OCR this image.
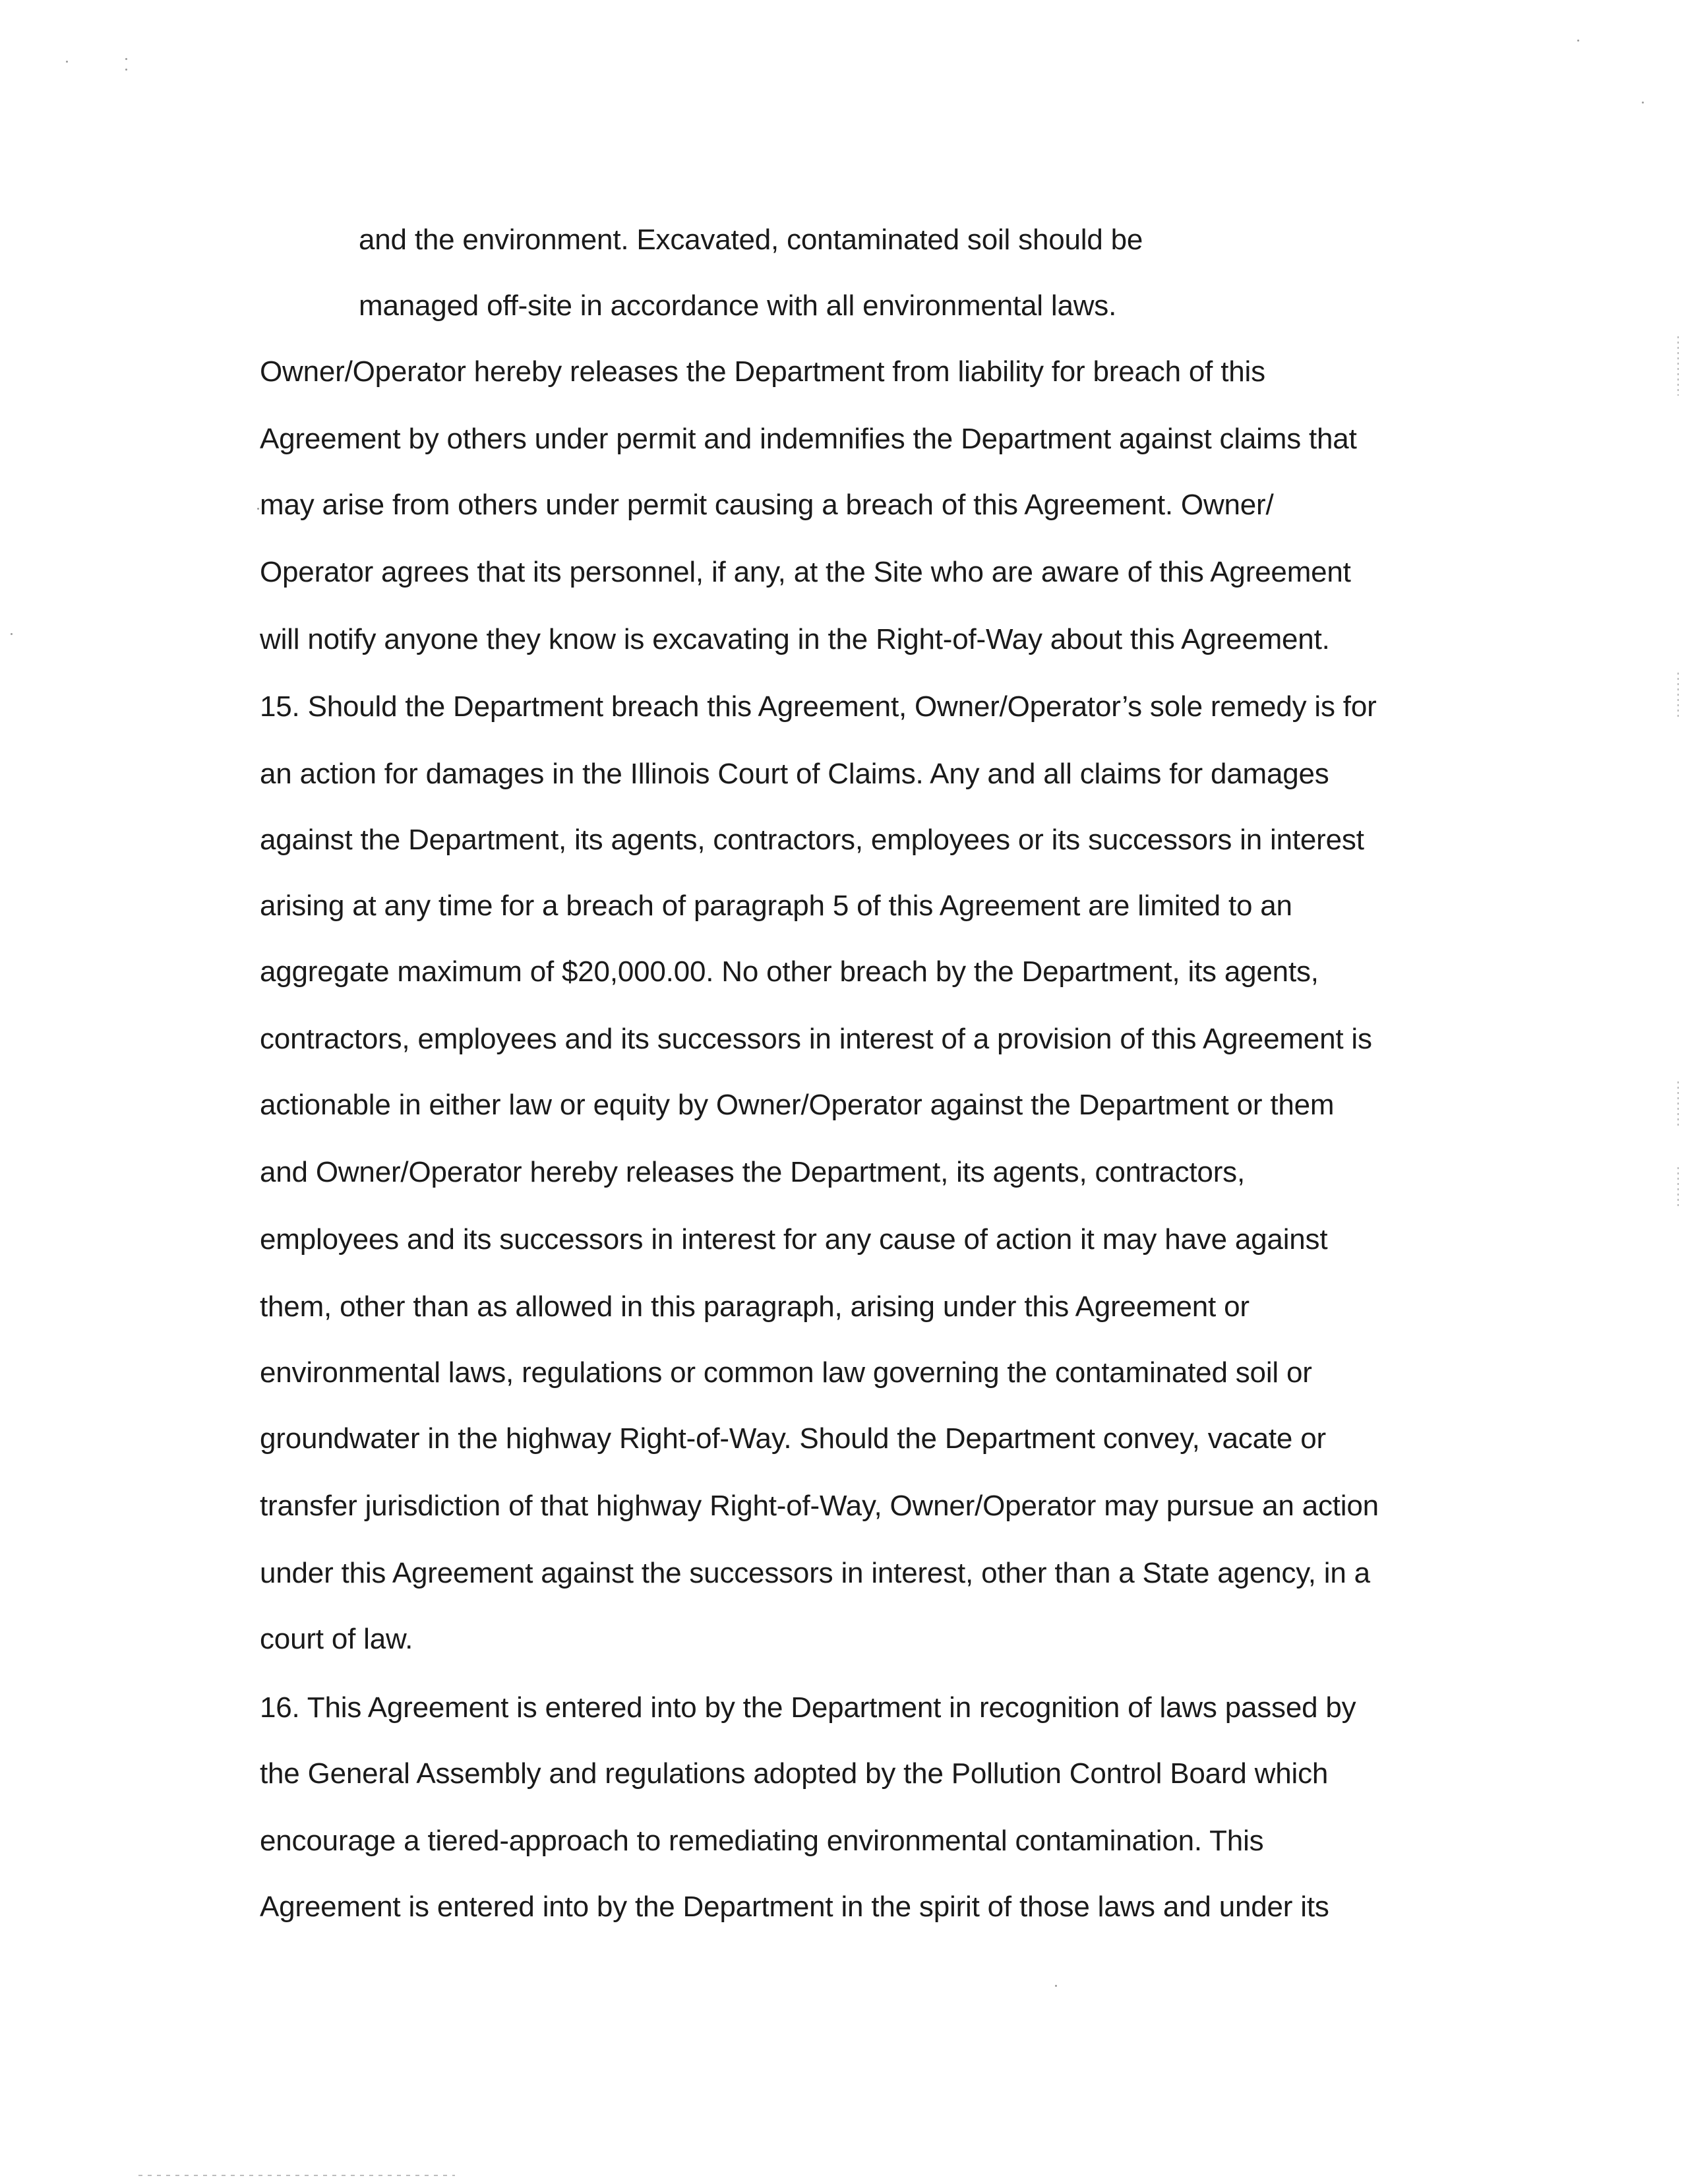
and the environment. Excavated, contaminated soil should be
managed off-site in accordance with all environmental laws.
Owner/Operator hereby releases the Department from liability for breach of this
Agreement by others under permit and indemnifies the Department against claims that
may arise from others under permit causing a breach of this Agreement. Owner/
Operator agrees that its personnel, if any, at the Site who are aware of this Agreement
will notify anyone they know is excavating in the Right-of-Way about this Agreement.
15. Should the Department breach this Agreement, Owner/Operator’s sole remedy is for
an action for damages in the Illinois Court of Claims. Any and all claims for damages
against the Department, its agents, contractors, employees or its successors in interest
arising at any time for a breach of paragraph 5 of this Agreement are limited to an
aggregate maximum of $20,000.00. No other breach by the Department, its agents,
contractors, employees and its successors in interest of a provision of this Agreement is
actionable in either law or equity by Owner/Operator against the Department or them
and Owner/Operator hereby releases the Department, its agents, contractors,
employees and its successors in interest for any cause of action it may have against
them, other than as allowed in this paragraph, arising under this Agreement or
environmental laws, regulations or common law governing the contaminated soil or
groundwater in the highway Right-of-Way. Should the Department convey, vacate or
transfer jurisdiction of that highway Right-of-Way, Owner/Operator may pursue an action
under this Agreement against the successors in interest, other than a State agency, in a
court of law.
16. This Agreement is entered into by the Department in recognition of laws passed by
the General Assembly and regulations adopted by the Pollution Control Board which
encourage a tiered-approach to remediating environmental contamination. This
Agreement is entered into by the Department in the spirit of those laws and under its
